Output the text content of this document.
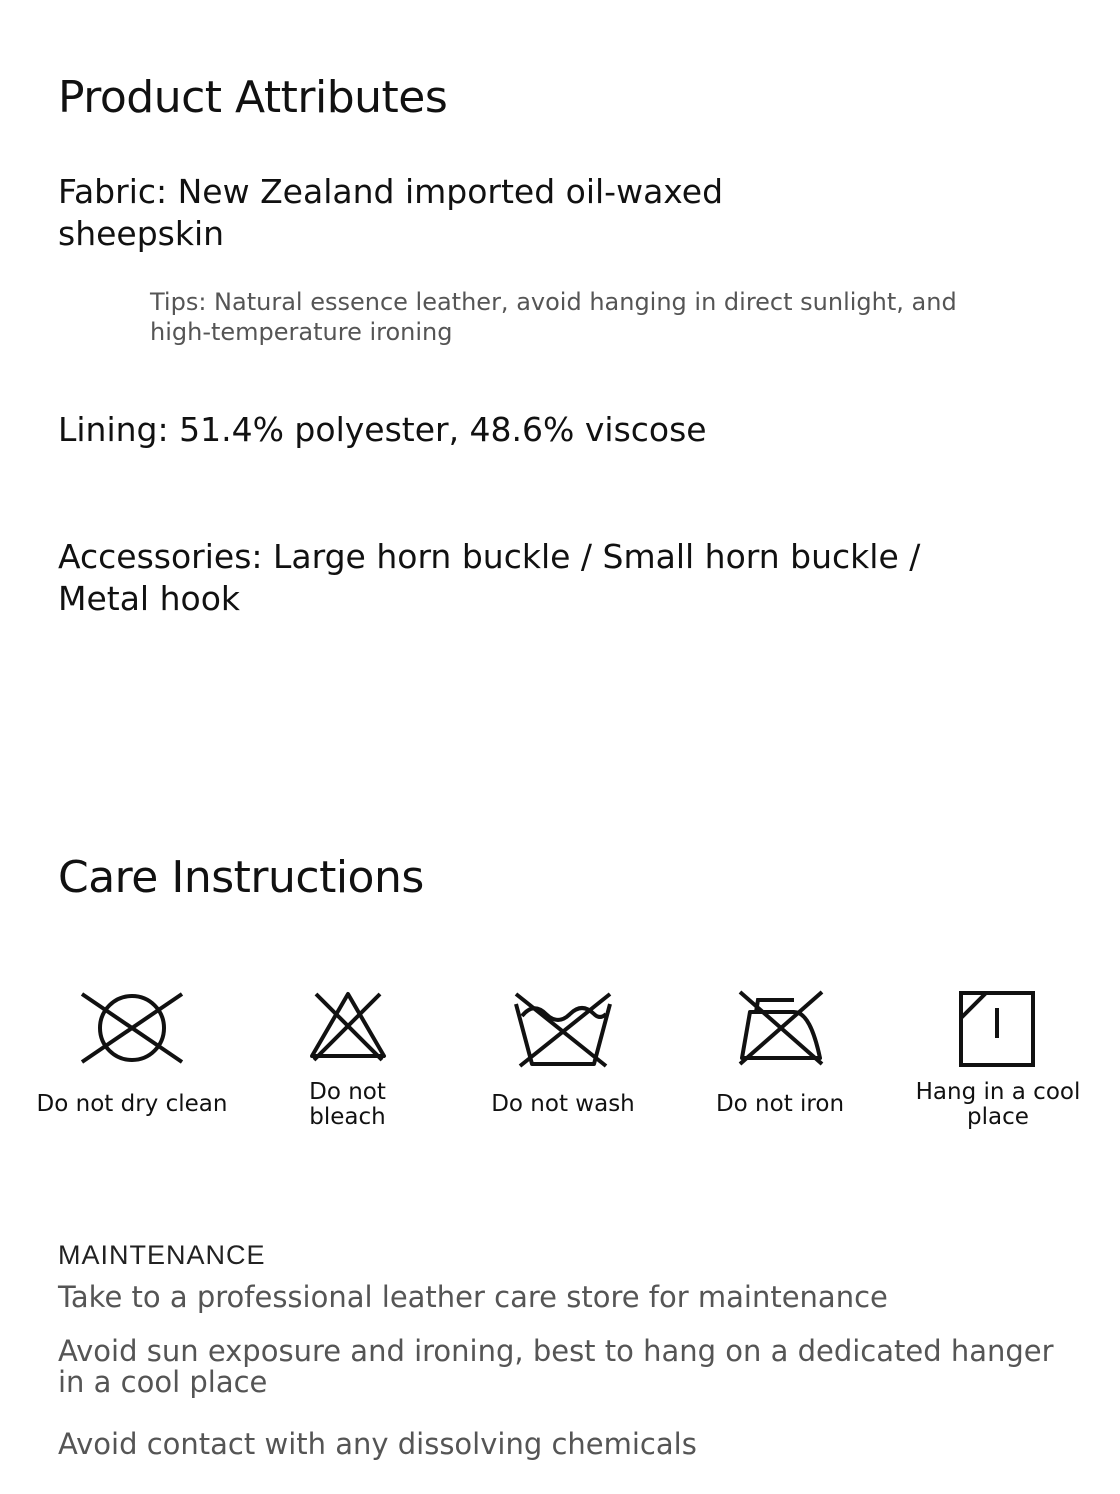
Product Attributes
Fabric: New Zealand imported oil-waxed sheepskin
Tips: Natural essence leather, avoid hanging in direct sunlight, and high-temperature ironing
Lining: 51.4% polyester, 48.6% viscose
Accessories: Large horn buckle / Small horn buckle / Metal hook
Care Instructions
Do not dry clean	Do not bleach	Do not wash	Do not iron	Hang in a cool place
MAINTENANCE
Take to a professional leather care store for maintenance
Avoid sun exposure and ironing, best to hang on a dedicated hanger in a cool place
Avoid contact with any dissolving chemicals
